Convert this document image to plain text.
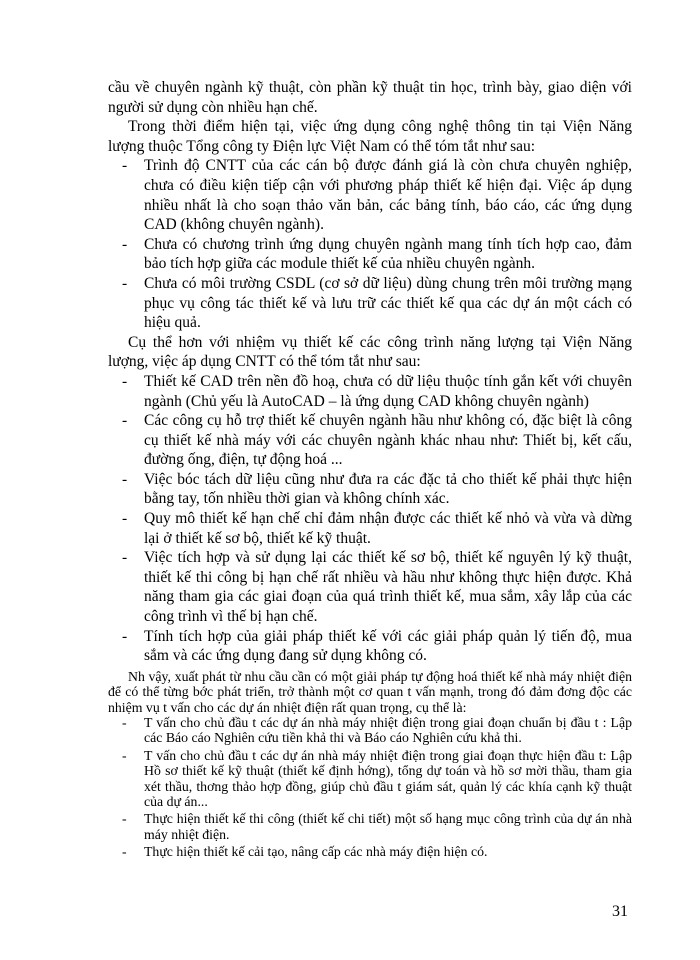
cầu về chuyên ngành kỹ thuật, còn phần kỹ thuật tin học, trình bày, giao diện với người sử dụng còn nhiều hạn chế.

Trong thời điểm hiện tại, việc ứng dụng công nghệ thông tin tại Viện Năng lượng thuộc Tổng công ty Điện lực Việt Nam có thể tóm tắt như sau:

- Trình độ CNTT của các cán bộ được đánh giá là còn chưa chuyên nghiệp, chưa có điều kiện tiếp cận với phương pháp thiết kế hiện đại. Việc áp dụng nhiều nhất là cho soạn thảo văn bản, các bảng tính, báo cáo, các ứng dụng CAD (không chuyên ngành).
- Chưa có chương trình ứng dụng chuyên ngành mang tính tích hợp cao, đảm bảo tích hợp giữa các module thiết kế của nhiều chuyên ngành.
- Chưa có môi trường CSDL (cơ sở dữ liệu) dùng chung trên môi trường mạng phục vụ công tác thiết kế và lưu trữ các thiết kế qua các dự án một cách có hiệu quả.

Cụ thể hơn với nhiệm vụ thiết kế các công trình năng lượng tại Viện Năng lượng, việc áp dụng CNTT có thể tóm tắt như sau:

- Thiết kế CAD trên nền đồ hoạ, chưa có dữ liệu thuộc tính gắn kết với chuyên ngành (Chủ yếu là AutoCAD – là ứng dụng CAD không chuyên ngành)
- Các công cụ hỗ trợ thiết kế chuyên ngành hầu như không có, đặc biệt là công cụ thiết kế nhà máy với các chuyên ngành khác nhau như: Thiết bị, kết cấu, đường ống, điện, tự động hoá ...
- Việc bóc tách dữ liệu cũng như đưa ra các đặc tả cho thiết kế phải thực hiện bằng tay, tốn nhiều thời gian và không chính xác.
- Quy mô thiết kế hạn chế chỉ đảm nhận được các thiết kế nhỏ và vừa và dừng lại ở thiết kế sơ bộ, thiết kế kỹ thuật.
- Việc tích hợp và sử dụng lại các thiết kế sơ bộ, thiết kế nguyên lý kỹ thuật, thiết kế thi công bị hạn chế rất nhiều và hầu như không thực hiện được. Khả năng tham gia các giai đoạn của quá trình thiết kế, mua sắm, xây lắp của các công trình vì thế bị hạn chế.
- Tính tích hợp của giải pháp thiết kế với các giải pháp quản lý tiến độ, mua sắm và các ứng dụng đang sử dụng không có.

Nh vậy, xuất phát từ nhu cầu cần có một giải pháp tự động hoá thiết kế nhà máy nhiệt điện để có thể từng bớc phát triển, trở thành một cơ quan t vấn mạnh, trong đó đảm đơng độc các nhiệm vụ t vấn cho các dự án nhiệt điện rất quan trọng, cụ thể là:

- T vấn cho chủ đầu t các dự án nhà máy nhiệt điện trong giai đoạn chuẩn bị đầu t : Lập các Báo cáo Nghiên cứu tiền khả thi và Báo cáo Nghiên cứu khả thi.
- T vấn cho chủ đầu t các dự án nhà máy nhiệt điện trong giai đoạn thực hiện đầu t: Lập Hồ sơ thiết kế kỹ thuật (thiết kế định hớng), tổng dự toán và hồ sơ mời thầu, tham gia xét thầu, thơng thảo hợp đồng, giúp chủ đầu t giám sát, quản lý các khía cạnh kỹ thuật của dự án...
- Thực hiện thiết kế thi công (thiết kế chi tiết) một số hạng mục công trình của dự án nhà máy nhiệt điện.
- Thực hiện thiết kế cải tạo, nâng cấp các nhà máy điện hiện có.
31
